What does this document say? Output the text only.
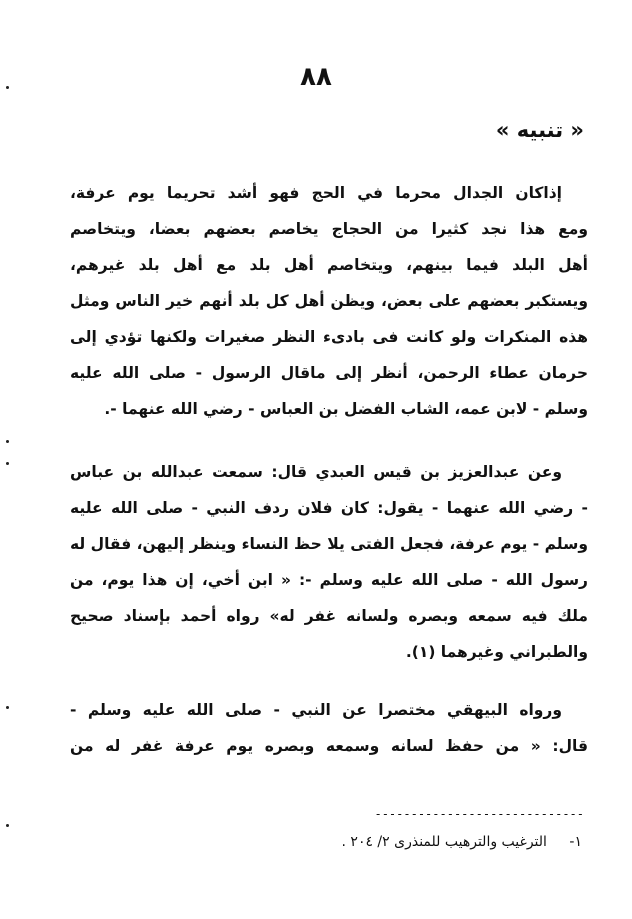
٨٨
« تنبيه »
إذاكان الجدال محرما في الحج فهو أشد تحريما يوم عرفة،
ومع هذا نجد كثيرا من الحجاج يخاصم بعضهم بعضا، ويتخاصم
أهل البلد فيما بينهم، ويتخاصم أهل بلد مع أهل بلد غيرهم،
ويستكبر بعضهم على بعض، ويظن أهل كل بلد أنهم خير الناس ومثل
هذه المنكرات ولو كانت فى بادىء النظر صغيرات ولكنها تؤدي إلى
حرمان عطاء الرحمن، أنظر إلى ماقال الرسول - صلى الله عليه
وسلم - لابن عمه، الشاب الفضل بن العباس - رضي الله عنهما -.
وعن عبدالعزيز بن قيس العبدي قال: سمعت عبدالله بن عباس
- رضي الله عنهما - يقول: كان فلان ردف النبي - صلى الله عليه
وسلم - يوم عرفة، فجعل الفتى يلا حظ النساء وينظر إليهن، فقال له
رسول الله - صلى الله عليه وسلم -: « ابن أخي، إن هذا يوم، من
ملك فيه سمعه وبصره ولسانه غفر له» رواه أحمد بإسناد صحيح
والطبراني وغيرهما (١).
ورواه البيهقي مختصرا عن النبي - صلى الله عليه وسلم -
قال: « من حفظ لسانه وسمعه وبصره يوم عرفة غفر له من
-----------------------------
١- الترغيب والترهيب للمنذرى ٢/ ٢٠٤ .
